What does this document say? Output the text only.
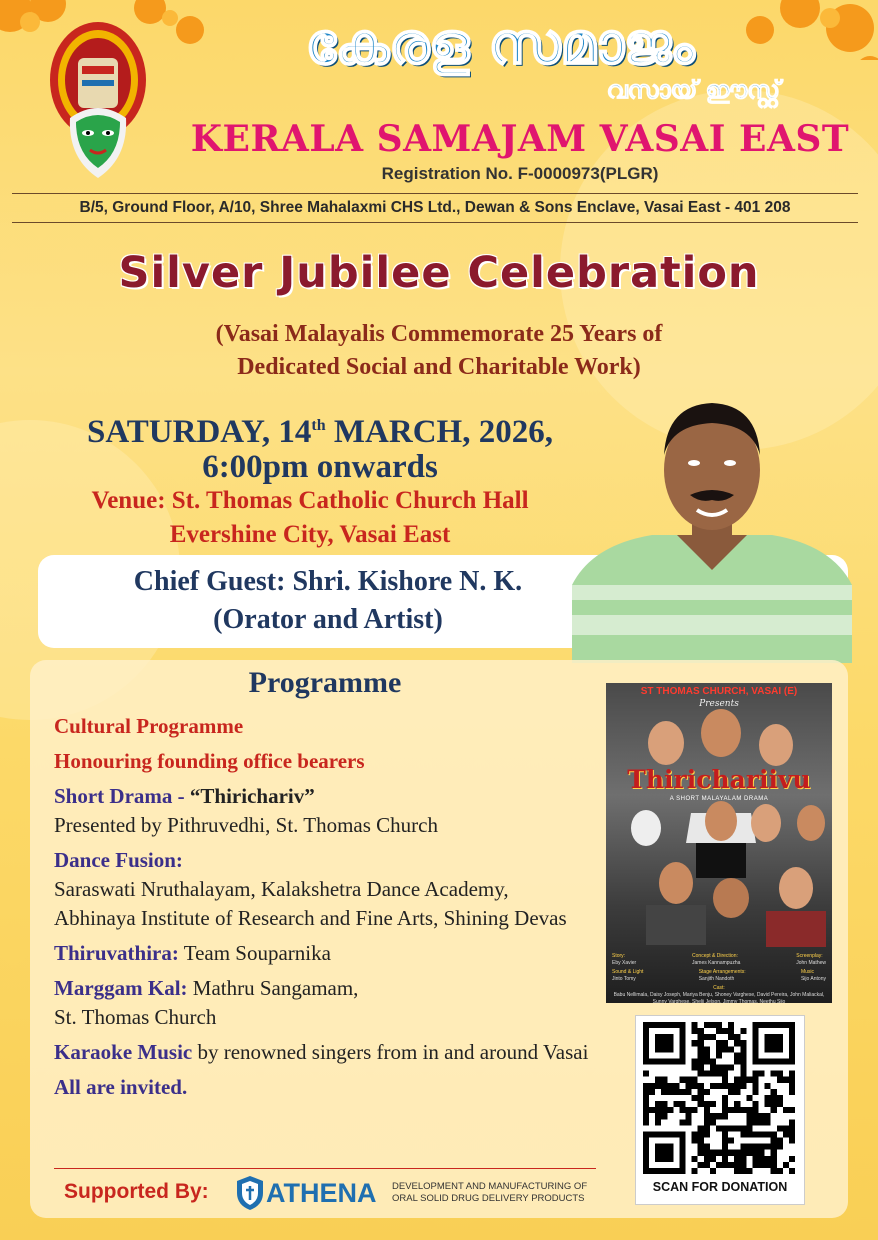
കേരള സമാജം
വസായ് ഈസ്റ്റ്
KERALA SAMAJAM VASAI EAST
Registration No. F-0000973(PLGR)
B/5, Ground Floor, A/10, Shree Mahalaxmi CHS Ltd., Dewan & Sons Enclave, Vasai East - 401 208
Silver Jubilee Celebration
(Vasai Malayalis Commemorate 25 Years of
Dedicated Social and Charitable Work)
SATURDAY, 14th MARCH, 2026,
6:00pm onwards
Venue: St. Thomas Catholic Church Hall
Evershine City, Vasai East
Chief Guest: Shri. Kishore N. K.
(Orator and Artist)
Programme
Cultural Programme
Honouring founding office bearers
Short Drama - “Thirichariv”
Presented by Pithruvedhi, St. Thomas Church
Dance Fusion:
Saraswati Nruthalayam, Kalakshetra Dance Academy, Abhinaya Institute of Research and Fine Arts, Shining Devas
Thiruvathira: Team Souparnika
Marggam Kal: Mathru Sangamam,
St. Thomas Church
Karaoke Music by renowned singers from in and around Vasai
All are invited.
Supported By: ATHENA DEVELOPMENT AND MANUFACTURING OF ORAL SOLID DRUG DELIVERY PRODUCTS
ST THOMAS CHURCH, VASAI (E)
Presents
Thirichariivu
A SHORT MALAYALAM DRAMA
Story:
Eby Xavier
Concept & Direction:
James Kannampuzha
Screenplay:
John Mathew
Sound & Light
Jinto Tomy
Stage Arrangements:
Sanjith Nandoth
Music
Sijo Antony
Cast:
Babu Nellimala, Daisy Joseph, Mariya Benju, Shoney Varghese, David Pereira, John Maliackal, Sunny Varghese, Shelji Jelson, Jimmy Thomas, Neethu Sijo
SCAN FOR DONATION
